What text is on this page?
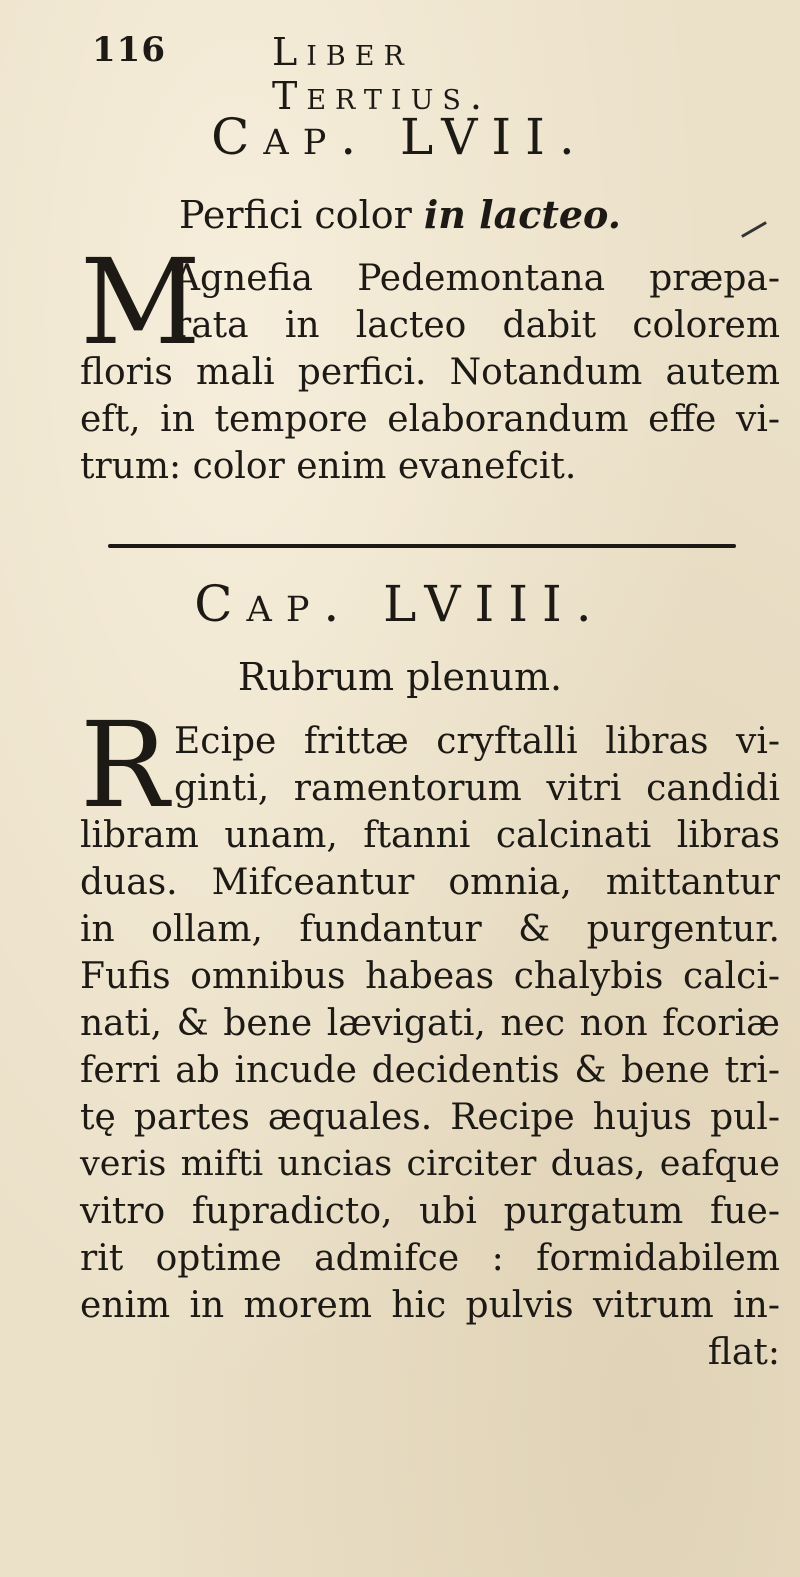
116	Liber Tertius.
Cap. LVII.
Perfici color in lacteo.
M
Agnefia Pedemontana præpa-
rata in lacteo dabit colorem
floris mali perfici. Notandum autem
eft, in tempore elaborandum effe vi-
trum: color enim evanefcit.
Cap. LVIII.
Rubrum plenum.
R Ecipe frittæ cryftalli libras vi-
ginti, ramentorum vitri candidi
libram unam, ftanni calcinati libras
duas. Mifceantur omnia, mittantur
in ollam, fundantur & purgentur.
Fufis omnibus habeas chalybis calci-
nati, & bene lævigati, nec non fcoriæ
ferri ab incude decidentis & bene tri-
tę partes æquales. Recipe hujus pul-
veris mifti uncias circiter duas, eafque
vitro fupradicto, ubi purgatum fue-
rit optime admifce : formidabilem
enim in morem hic pulvis vitrum in-
flat:
